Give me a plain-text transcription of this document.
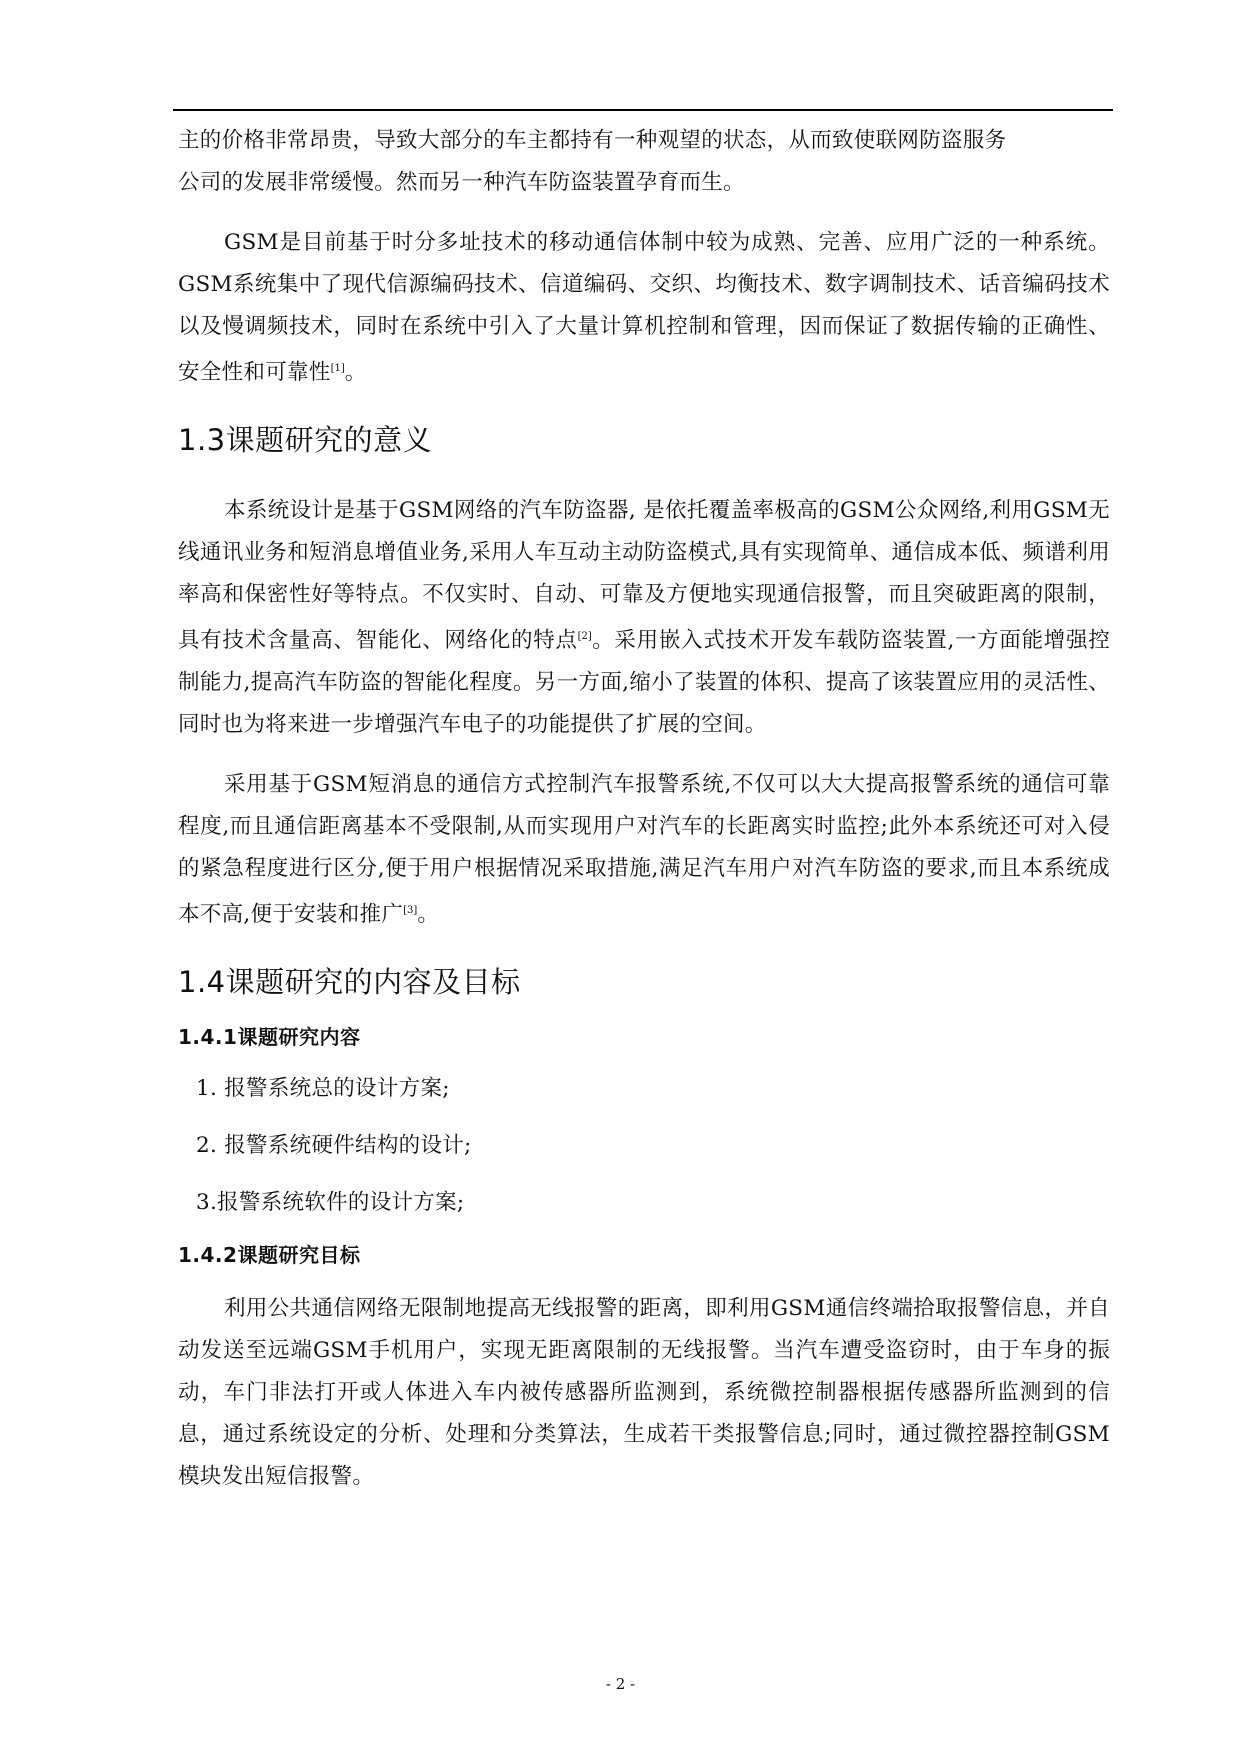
主的价格非常昂贵，导致大部分的车主都持有一种观望的状态，从而致使联网防盗服务
公司的发展非常缓慢。然而另一种汽车防盗装置孕育而生。

GSM是目前基于时分多址技术的移动通信体制中较为成熟、完善、应用广泛的一种系统。GSM系统集中了现代信源编码技术、信道编码、交织、均衡技术、数字调制技术、话音编码技术以及慢调频技术，同时在系统中引入了大量计算机控制和管理，因而保证了数据传输的正确性、安全性和可靠性[1]。

1.3课题研究的意义

本系统设计是基于GSM网络的汽车防盗器, 是依托覆盖率极高的GSM公众网络,利用GSM无线通讯业务和短消息增值业务,采用人车互动主动防盗模式,具有实现简单、通信成本低、频谱利用率高和保密性好等特点。不仅实时、自动、可靠及方便地实现通信报警，而且突破距离的限制，具有技术含量高、智能化、网络化的特点[2]。采用嵌入式技术开发车载防盗装置,一方面能增强控制能力,提高汽车防盗的智能化程度。另一方面,缩小了装置的体积、提高了该装置应用的灵活性、同时也为将来进一步增强汽车电子的功能提供了扩展的空间。

采用基于GSM短消息的通信方式控制汽车报警系统,不仅可以大大提高报警系统的通信可靠程度,而且通信距离基本不受限制,从而实现用户对汽车的长距离实时监控;此外本系统还可对入侵的紧急程度进行区分,便于用户根据情况采取措施,满足汽车用户对汽车防盗的要求,而且本系统成本不高,便于安装和推广[3]。

1.4课题研究的内容及目标
1.4.1课题研究内容
1. 报警系统总的设计方案;
2. 报警系统硬件结构的设计;
3.报警系统软件的设计方案;
1.4.2课题研究目标

利用公共通信网络无限制地提高无线报警的距离，即利用GSM通信终端拾取报警信息，并自动发送至远端GSM手机用户，实现无距离限制的无线报警。当汽车遭受盗窃时，由于车身的振动，车门非法打开或人体进入车内被传感器所监测到，系统微控制器根据传感器所监测到的信息，通过系统设定的分析、处理和分类算法，生成若干类报警信息;同时，通过微控器控制GSM模块发出短信报警。

- 2 -
